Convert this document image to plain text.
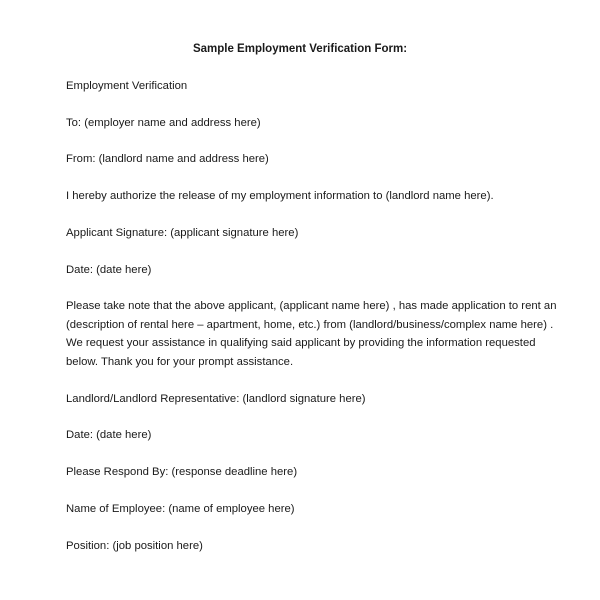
Sample Employment Verification Form:

Employment Verification

To: (employer name and address here)

From: (landlord name and address here)

I hereby authorize the release of my employment information to (landlord name here).

Applicant Signature: (applicant signature here)

Date: (date here)

Please take note that the above applicant, (applicant name here) , has made application to rent an
(description of rental here – apartment, home, etc.) from (landlord/business/complex name here) .
We request your assistance in qualifying said applicant by providing the information requested
below. Thank you for your prompt assistance.

Landlord/Landlord Representative: (landlord signature here)

Date: (date here)

Please Respond By: (response deadline here)

Name of Employee: (name of employee here)

Position: (job position here)
